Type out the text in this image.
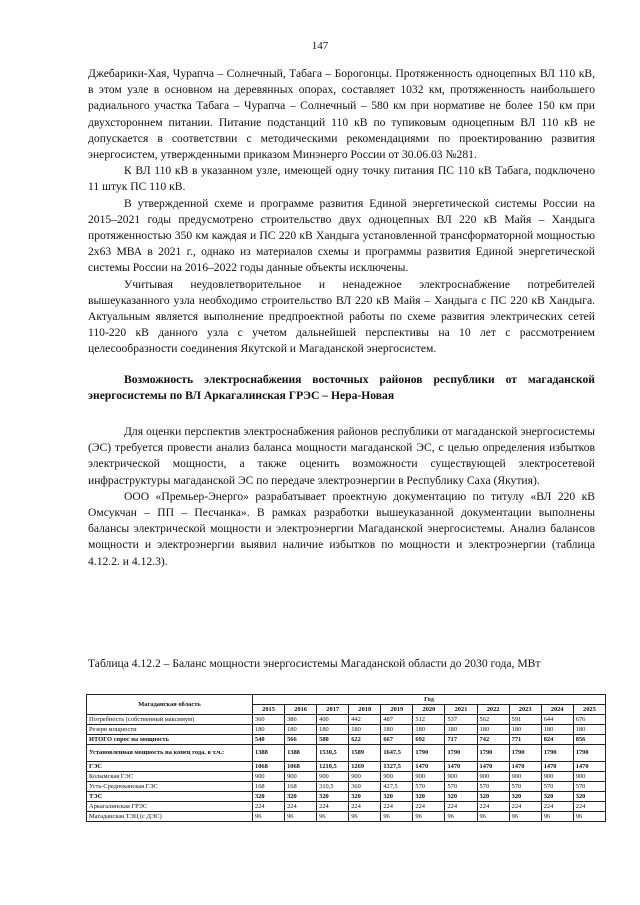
147

Джебарики-Хая, Чурапча – Солнечный, Табага – Борогонцы. Протяженность одноцепных ВЛ 110 кВ, в этом узле в основном на деревянных опорах, составляет 1032 км, протяженность наибольшего радиального участка Табага – Чурапча – Солнечный – 580 км при нормативе не более 150 км при двухстороннем питании. Питание подстанций 110 кВ по тупиковым одноцепным ВЛ 110 кВ не допускается в соответствии с методическими рекомендациями по проектированию развития энергосистем, утвержденными приказом Минэнерго России от 30.06.03 №281.

К ВЛ 110 кВ в указанном узле, имеющей одну точку питания ПС 110 кВ Табага, подключено 11 штук ПС 110 кВ.

В утвержденной схеме и программе развития Единой энергетической системы России на 2015–2021 годы предусмотрено строительство двух одноцепных ВЛ 220 кВ Майя – Хандыга протяженностью 350 км каждая и ПС 220 кВ Хандыга установленной трансформаторной мощностью 2х63 МВА в 2021 г., однако из материалов схемы и программы развития Единой энергетической системы России на 2016–2022 годы данные объекты исключены.

Учитывая неудовлетворительное и ненадежное электроснабжение потребителей вышеуказанного узла необходимо строительство ВЛ 220 кВ Майя – Хандыга с ПС 220 кВ Хандыга. Актуальным является выполнение предпроектной работы по схеме развития электрических сетей 110-220 кВ данного узла с учетом дальнейшей перспективы на 10 лет с рассмотрением целесообразности соединения Якутской и Магаданской энергосистем.

Возможность электроснабжения восточных районов республики от магаданской энергосистемы по ВЛ Аркагалинская ГРЭС – Нера-Новая

Для оценки перспектив электроснабжения районов республики от магаданской энергосистемы (ЭС) требуется провести анализ баланса мощности магаданской ЭС, с целью определения избытков электрической мощности, а также оценить возможности существующей электросетевой инфраструктуры магаданской ЭС по передаче электроэнергии в Республику Саха (Якутия).

ООО «Премьер-Энерго» разрабатывает проектную документацию по титулу «ВЛ 220 кВ Омсукчан – ПП – Песчанка». В рамках разработки вышеуказанной документации выполнены балансы электрической мощности и электроэнергии Магаданской энергосистемы. Анализ балансов мощности и электроэнергии выявил наличие избытков по мощности и электроэнергии (таблица 4.12.2. и 4.12.3).

Таблица 4.12.2 – Баланс мощности энергосистемы Магаданской области до 2030 года, МВт
Магаданская область	Год										
	2015	2016	2017	2018	2019	2020	2021	2022	2023	2024	2025
Потребность (собственный максимум)	360	386	400	442	487	512	537	562	591	644	676
Резерв мощности	180	180	180	180	180	180	180	180	180	180	180
ИТОГО спрос на мощность	540	566	580	622	667	692	717	742	771	824	856
Установленная мощность на конец года, в т.ч.:	1388	1388	1530,5	1589	1647,5	1790	1790	1790	1790	1790	1790
ГЭС	1068	1068	1210,5	1269	1327,5	1470	1470	1470	1470	1470	1470
Колымская ГЭС	900	900	900	900	900	900	900	900	900	900	900
Усть-Среднеканская ГЭС	168	168	310,5	369	427,5	570	570	570	570	570	570
ТЭС	320	320	320	320	320	320	320	320	320	320	320
Аркагалинская ГРЭС	224	224	224	224	224	224	224	224	224	224	224
Магаданская ТЭЦ (с ДЭС)	96	96	96	96	96	96	96	96	96	96	96
